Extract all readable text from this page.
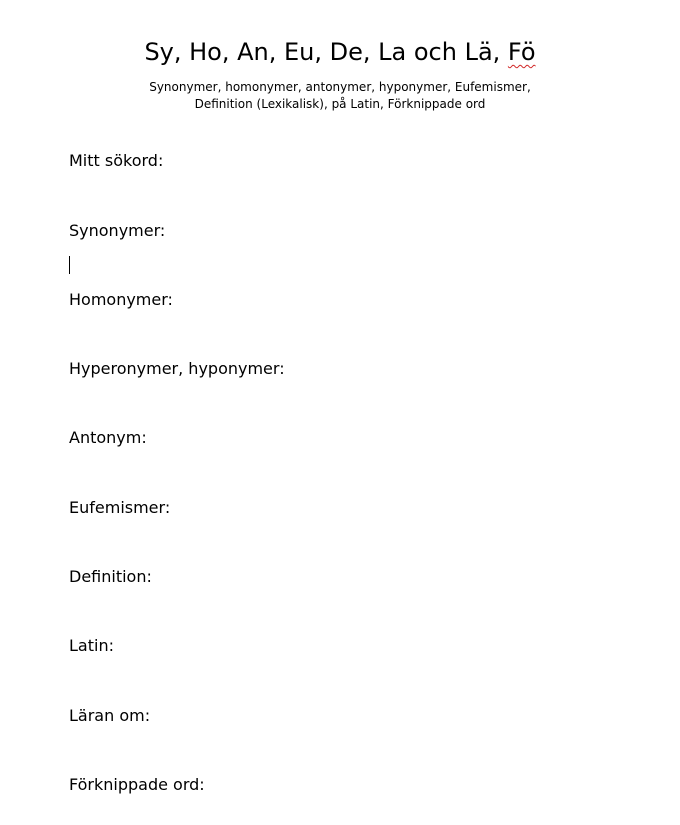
Sy, Ho, An, Eu, De, La och Lä, Fö
Synonymer, homonymer, antonymer, hyponymer, Eufemismer,
Definition (Lexikalisk), på Latin, Förknippade ord
Mitt sökord:
Synonymer:
Homonymer:
Hyperonymer, hyponymer:
Antonym:
Eufemismer:
Definition:
Latin:
Läran om:
Förknippade ord:
